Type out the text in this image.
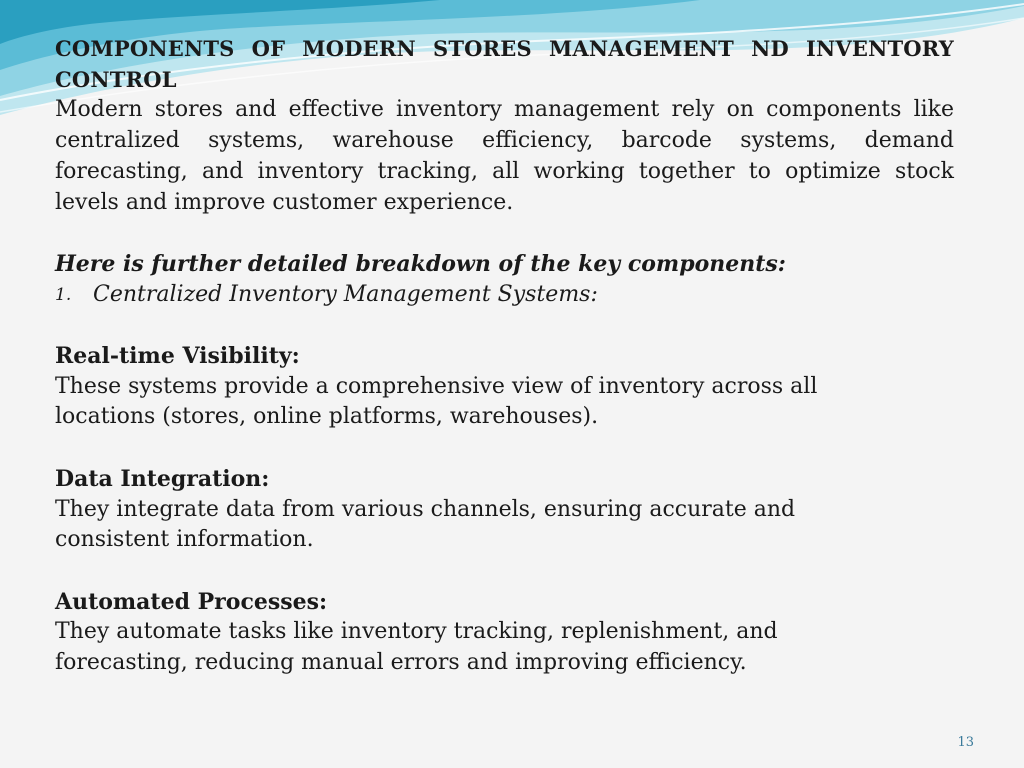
COMPONENTS OF MODERN STORES MANAGEMENT ND INVENTORY CONTROL

Modern stores and effective inventory management rely on components like centralized systems, warehouse efficiency, barcode systems, demand forecasting, and inventory tracking, all working together to optimize stock levels and improve customer experience.

Here is further detailed breakdown of the key components:

1. Centralized Inventory Management Systems:

Real-time Visibility:

These systems provide a comprehensive view of inventory across all locations (stores, online platforms, warehouses).

Data Integration:

They integrate data from various channels, ensuring accurate and consistent information.

Automated Processes:

They automate tasks like inventory tracking, replenishment, and forecasting, reducing manual errors and improving efficiency.

13
